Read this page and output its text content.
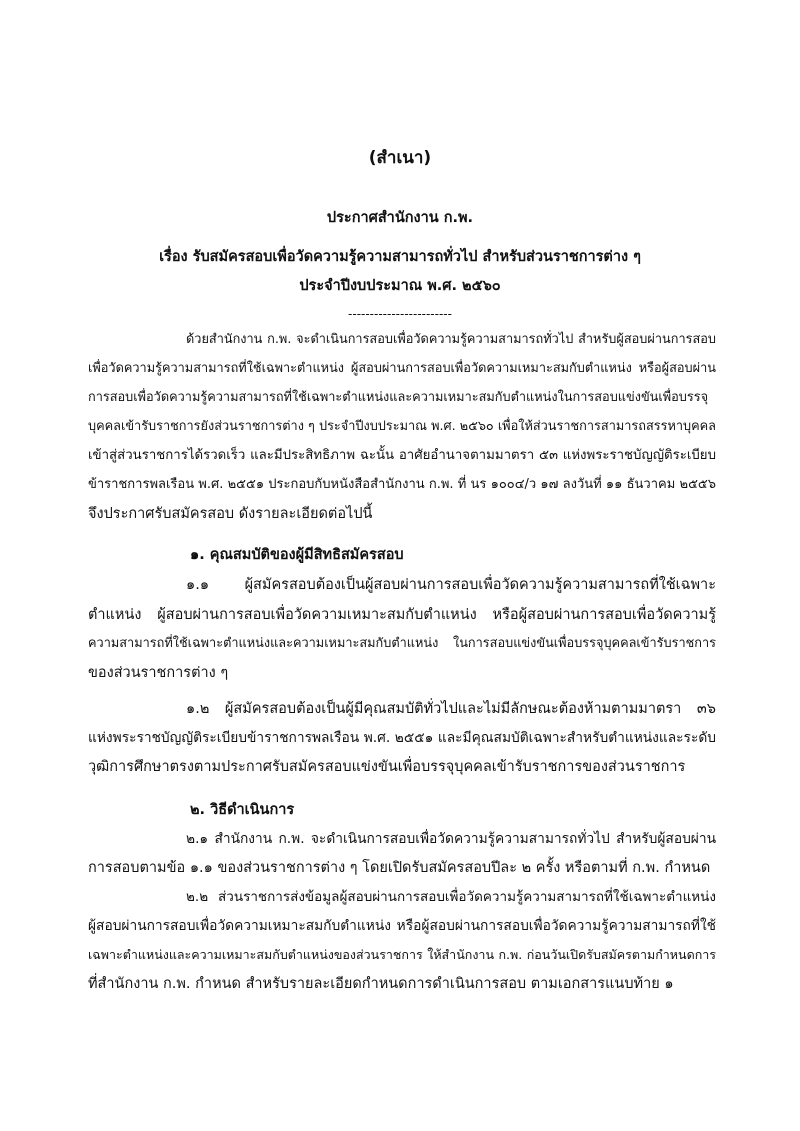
(สำเนา)
ประกาศสำนักงาน ก.พ.
เรื่อง รับสมัครสอบเพื่อวัดความรู้ความสามารถทั่วไป สำหรับส่วนราชการต่าง ๆ
ประจำปีงบประมาณ พ.ศ. ๒๕๖๐
------------------------
ด้วยสำนักงาน ก.พ. จะดำเนินการสอบเพื่อวัดความรู้ความสามารถทั่วไป สำหรับผู้สอบผ่านการสอบ
เพื่อวัดความรู้ความสามารถที่ใช้เฉพาะตำแหน่ง ผู้สอบผ่านการสอบเพื่อวัดความเหมาะสมกับตำแหน่ง หรือผู้สอบผ่าน
การสอบเพื่อวัดความรู้ความสามารถที่ใช้เฉพาะตำแหน่งและความเหมาะสมกับตำแหน่งในการสอบแข่งขันเพื่อบรรจุ
บุคคลเข้ารับราชการยังส่วนราชการต่าง ๆ ประจำปีงบประมาณ พ.ศ. ๒๕๖๐ เพื่อให้ส่วนราชการสามารถสรรหาบุคคล
เข้าสู่ส่วนราชการได้รวดเร็ว และมีประสิทธิภาพ ฉะนั้น อาศัยอำนาจตามมาตรา ๕๓ แห่งพระราชบัญญัติระเบียบ
ข้าราชการพลเรือน พ.ศ. ๒๕๕๑ ประกอบกับหนังสือสำนักงาน ก.พ. ที่ นร ๑๐๐๔/ว ๑๗ ลงวันที่ ๑๑ ธันวาคม ๒๕๕๖
จึงประกาศรับสมัครสอบ ดังรายละเอียดต่อไปนี้
๑. คุณสมบัติของผู้มีสิทธิสมัครสอบ
๑.๑ ผู้สมัครสอบต้องเป็นผู้สอบผ่านการสอบเพื่อวัดความรู้ความสามารถที่ใช้เฉพาะ
ตำแหน่ง ผู้สอบผ่านการสอบเพื่อวัดความเหมาะสมกับตำแหน่ง หรือผู้สอบผ่านการสอบเพื่อวัดความรู้
ความสามารถที่ใช้เฉพาะตำแหน่งและความเหมาะสมกับตำแหน่ง ในการสอบแข่งขันเพื่อบรรจุบุคคลเข้ารับราชการ
ของส่วนราชการต่าง ๆ
๑.๒ ผู้สมัครสอบต้องเป็นผู้มีคุณสมบัติทั่วไปและไม่มีลักษณะต้องห้ามตามมาตรา ๓๖
แห่งพระราชบัญญัติระเบียบข้าราชการพลเรือน พ.ศ. ๒๕๕๑ และมีคุณสมบัติเฉพาะสำหรับตำแหน่งและระดับ
วุฒิการศึกษาตรงตามประกาศรับสมัครสอบแข่งขันเพื่อบรรจุบุคคลเข้ารับราชการของส่วนราชการ
๒. วิธีดำเนินการ
๒.๑ สำนักงาน ก.พ. จะดำเนินการสอบเพื่อวัดความรู้ความสามารถทั่วไป สำหรับผู้สอบผ่าน
การสอบตามข้อ ๑.๑ ของส่วนราชการต่าง ๆ โดยเปิดรับสมัครสอบปีละ ๒ ครั้ง หรือตามที่ ก.พ. กำหนด
๒.๒ ส่วนราชการส่งข้อมูลผู้สอบผ่านการสอบเพื่อวัดความรู้ความสามารถที่ใช้เฉพาะตำแหน่ง
ผู้สอบผ่านการสอบเพื่อวัดความเหมาะสมกับตำแหน่ง หรือผู้สอบผ่านการสอบเพื่อวัดความรู้ความสามารถที่ใช้
เฉพาะตำแหน่งและความเหมาะสมกับตำแหน่งของส่วนราชการ ให้สำนักงาน ก.พ. ก่อนวันเปิดรับสมัครตามกำหนดการ
ที่สำนักงาน ก.พ. กำหนด สำหรับรายละเอียดกำหนดการดำเนินการสอบ ตามเอกสารแนบท้าย ๑
